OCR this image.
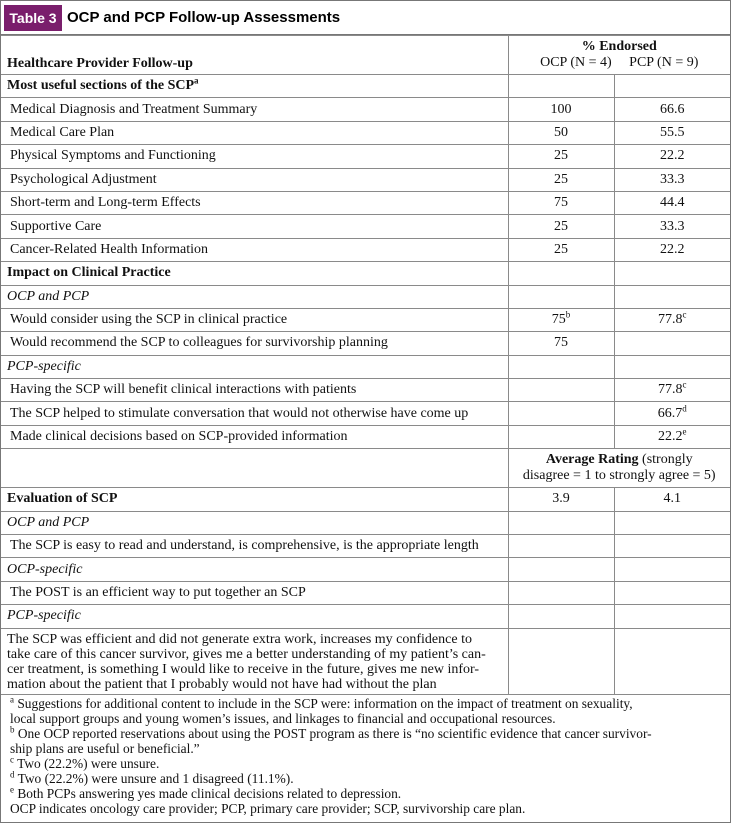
Table 3 OCP and PCP Follow-up Assessments
Healthcare Provider Follow-up	% Endorsed
OCP (N = 4) PCP (N = 9)	
Most useful sections of the SCP$^a$		
Medical Diagnosis and Treatment Summary	100	66.6
Medical Care Plan	50	55.5
Physical Symptoms and Functioning	25	22.2
Psychological Adjustment	25	33.3
Short-term and Long-term Effects	75	44.4
Supportive Care	25	33.3
Cancer-Related Health Information	25	22.2
Impact on Clinical Practice		
OCP and PCP		
Would consider using the SCP in clinical practice	75$^b$	77.8$^c$
Would recommend the SCP to colleagues for survivorship planning	75	
PCP-specific		
Having the SCP will benefit clinical interactions with patients		77.8$^c$
The SCP helped to stimulate conversation that would not otherwise have come up		66.7$^d$
Made clinical decisions based on SCP-provided information		22.2e
	Average Rating (strongly
disagree = 1 to strongly agree = 5)	
Evaluation of SCP	3.9	4.1
OCP and PCP		
The SCP is easy to read and understand, is comprehensive, is the appropriate length		
OCP-specific		
The POST is an efficient way to put together an SCP		
PCP-specific		
The SCP was efficient and did not generate extra work, increases my confidence to
take care of this cancer survivor, gives me a better understanding of my patient’s can-
cer treatment, is something I would like to receive in the future, gives me new infor-
mation about the patient that I probably would not have had without the plan		

$^a$ Suggestions for additional content to include in the SCP were: information on the impact of treatment on sexuality,
local support groups and young women’s issues, and linkages to financial and occupational resources.

$^b$ One OCP reported reservations about using the POST program as there is “no scientific evidence that cancer survivor-
ship plans are useful or beneficial.”

$^c$ Two (22.2%) were unsure.

$^d$ Two (22.2%) were unsure and 1 disagreed (11.1%).

$^e$ Both PCPs answering yes made clinical decisions related to depression.

OCP indicates oncology care provider; PCP, primary care provider; SCP, survivorship care plan.
